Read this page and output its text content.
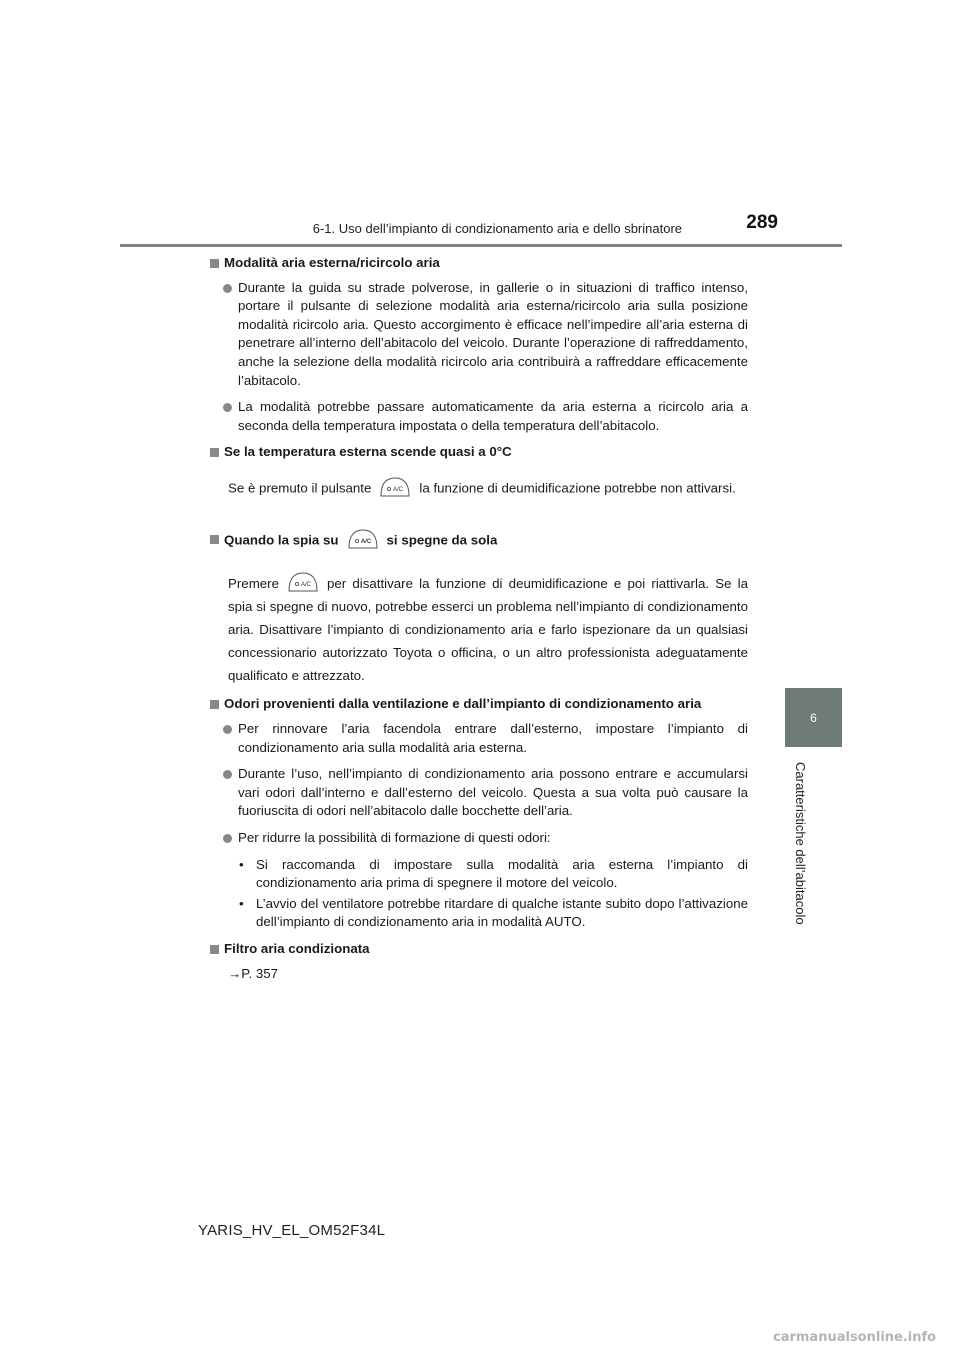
6-1. Uso dell’impianto di condizionamento aria e dello sbrinatore	289
6
Caratteristiche dell’abitacolo
Modalità aria esterna/ricircolo aria
Durante la guida su strade polverose, in gallerie o in situazioni di traffico intenso, portare il pulsante di selezione modalità aria esterna/ricircolo aria sulla posizione modalità ricircolo aria. Questo accorgimento è efficace nell’impedire all’aria esterna di penetrare all’interno dell’abitacolo del veicolo. Durante l’operazione di raffreddamento, anche la selezione della modalità ricircolo aria contribuirà a raffreddare efficacemente l’abitacolo.
La modalità potrebbe passare automaticamente da aria esterna a ricircolo aria a seconda della temperatura impostata o della temperatura dell’abitacolo.
Se la temperatura esterna scende quasi a 0°C
Se è premuto il pulsante	A/C la funzione di deumidificazione potrebbe non attivarsi.
Quando la spia su	A/C si spegne da sola
Premere	A/C per disattivare la funzione di deumidificazione e poi riattivarla. Se la spia si spegne di nuovo, potrebbe esserci un problema nell’impianto di condizionamento aria. Disattivare l’impianto di condizionamento aria e farlo ispezionare da un qualsiasi concessionario autorizzato Toyota o officina, o un altro professionista adeguatamente qualificato e attrezzato.
Odori provenienti dalla ventilazione e dall’impianto di condizionamento aria
Per rinnovare l’aria facendola entrare dall’esterno, impostare l’impianto di condizionamento aria sulla modalità aria esterna.
Durante l’uso, nell’impianto di condizionamento aria possono entrare e accumularsi vari odori dall’interno e dall’esterno del veicolo. Questa a sua volta può causare la fuoriuscita di odori nell’abitacolo dalle bocchette dell’aria.
Per ridurre la possibilità di formazione di questi odori:
• Si raccomanda di impostare sulla modalità aria esterna l’impianto di condizionamento aria prima di spegnere il motore del veicolo.
• L’avvio del ventilatore potrebbe ritardare di qualche istante subito dopo l’attivazione dell’impianto di condizionamento aria in modalità AUTO.
Filtro aria condizionata
→P. 357
YARIS_HV_EL_OM52F34L
carmanualsonline.info
